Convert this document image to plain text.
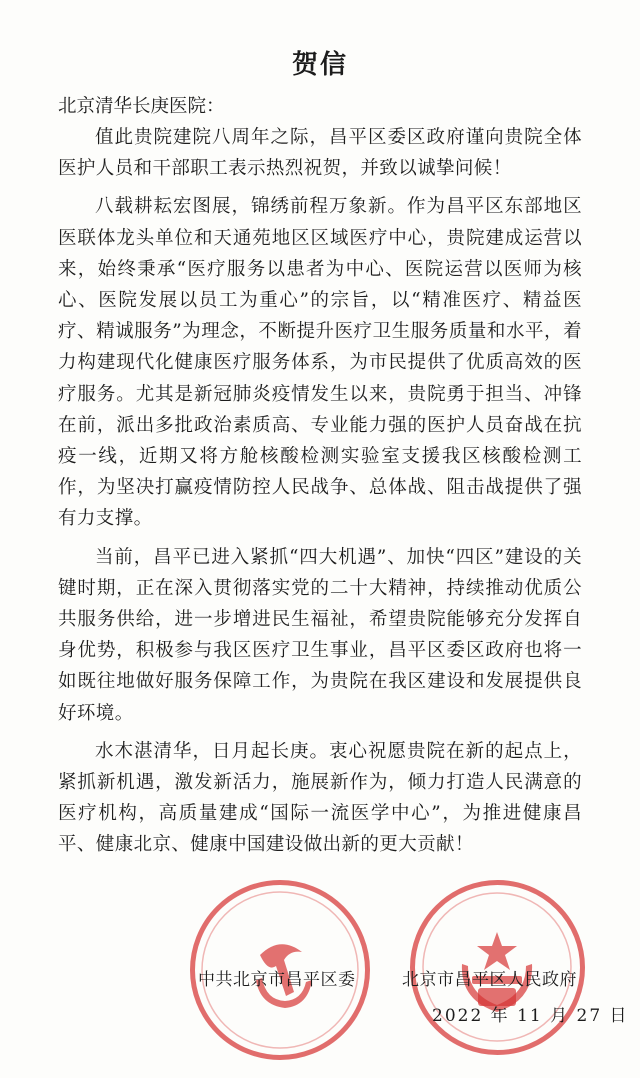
贺信
北京清华长庚医院：

值此贵院建院八周年之际，昌平区委区政府谨向贵院全体医护人员和干部职工表示热烈祝贺，并致以诚挚问候！

八载耕耘宏图展，锦绣前程万象新。作为昌平区东部地区医联体龙头单位和天通苑地区区域医疗中心，贵院建成运营以来，始终秉承“医疗服务以患者为中心、医院运营以医师为核心、医院发展以员工为重心”的宗旨，以“精准医疗、精益医疗、精诚服务”为理念，不断提升医疗卫生服务质量和水平，着力构建现代化健康医疗服务体系，为市民提供了优质高效的医疗服务。尤其是新冠肺炎疫情发生以来，贵院勇于担当、冲锋在前，派出多批政治素质高、专业能力强的医护人员奋战在抗疫一线，近期又将方舱核酸检测实验室支援我区核酸检测工作，为坚决打赢疫情防控人民战争、总体战、阻击战提供了强有力支撑。

当前，昌平已进入紧抓“四大机遇”、加快“四区”建设的关键时期，正在深入贯彻落实党的二十大精神，持续推动优质公共服务供给，进一步增进民生福祉，希望贵院能够充分发挥自身优势，积极参与我区医疗卫生事业，昌平区委区政府也将一如既往地做好服务保障工作，为贵院在我区建设和发展提供良好环境。

水木湛清华，日月起长庚。衷心祝愿贵院在新的起点上，紧抓新机遇，激发新活力，施展新作为，倾力打造人民满意的医疗机构，高质量建成“国际一流医学中心”，为推进健康昌平、健康北京、健康中国建设做出新的更大贡献！

中共北京市昌平区委	北京市昌平区人民政府
2022 年 11 月 27 日
